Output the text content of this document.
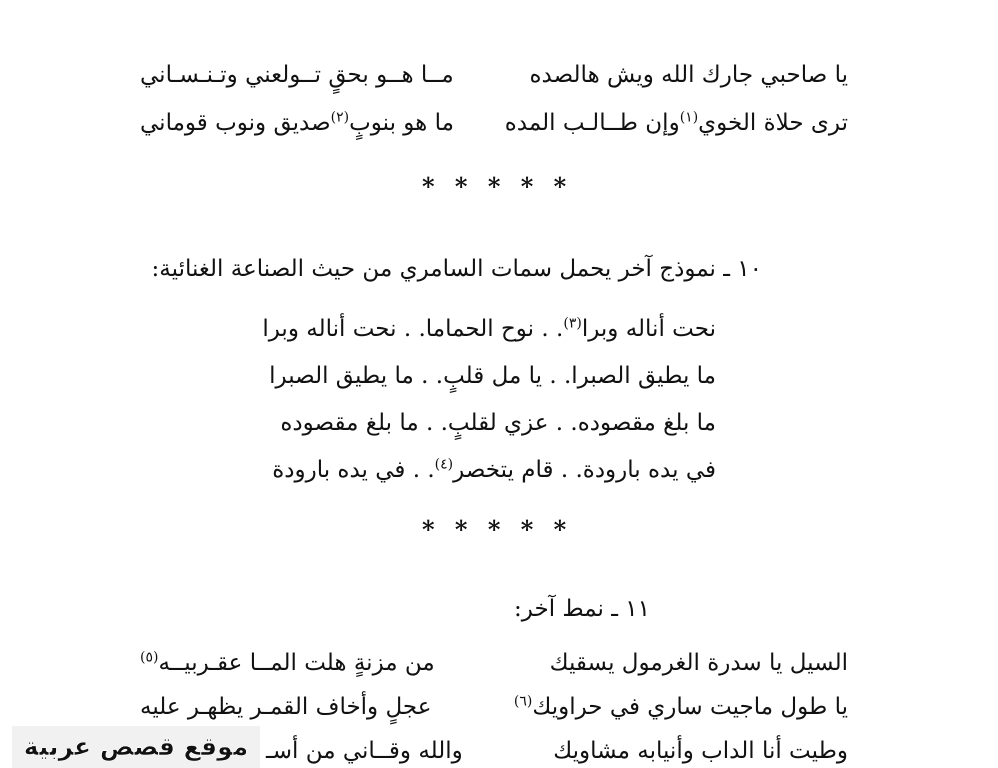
يا صاحبي جارك الله ويش هالصده
مــا هــو بحقٍ تــولعني وتـنـسـاني
ترى حلاة الخوي$^{(١)}$وإن طــالـب المده
ما هو بنوبٍ$^{(٢)}$صديق ونوب قوماني
* * * * *
١٠ ـ نموذج آخر يحمل سمات السامري من حيث الصناعة الغنائية:
نحت أناله وبرا$^{(٣)}$. . نوح الحماما. . نحت أناله وبرا
ما يطيق الصبرا. . يا مل قلبٍ. . ما يطيق الصبرا
ما بلغ مقصوده. . عزي لقلبٍ. . ما بلغ مقصوده
في يده بارودة. . قام يتخصر$^{(٤)}$. . في يده بارودة
* * * * *
١١ ـ نمط آخر:
السيل يا سدرة الغرمول يسقيك
من مزنةٍ هلت المــا عقـربيــه$^{(٥)}$
يا طول ماجيت ساري في حراويك$^{(٦)}$
عجلٍ وأخاف القمـر يظهـر عليه
وطيت أنا الداب وأنيابه مشاويك
والله وقــاني من أسـ
موقع قصص عربية
